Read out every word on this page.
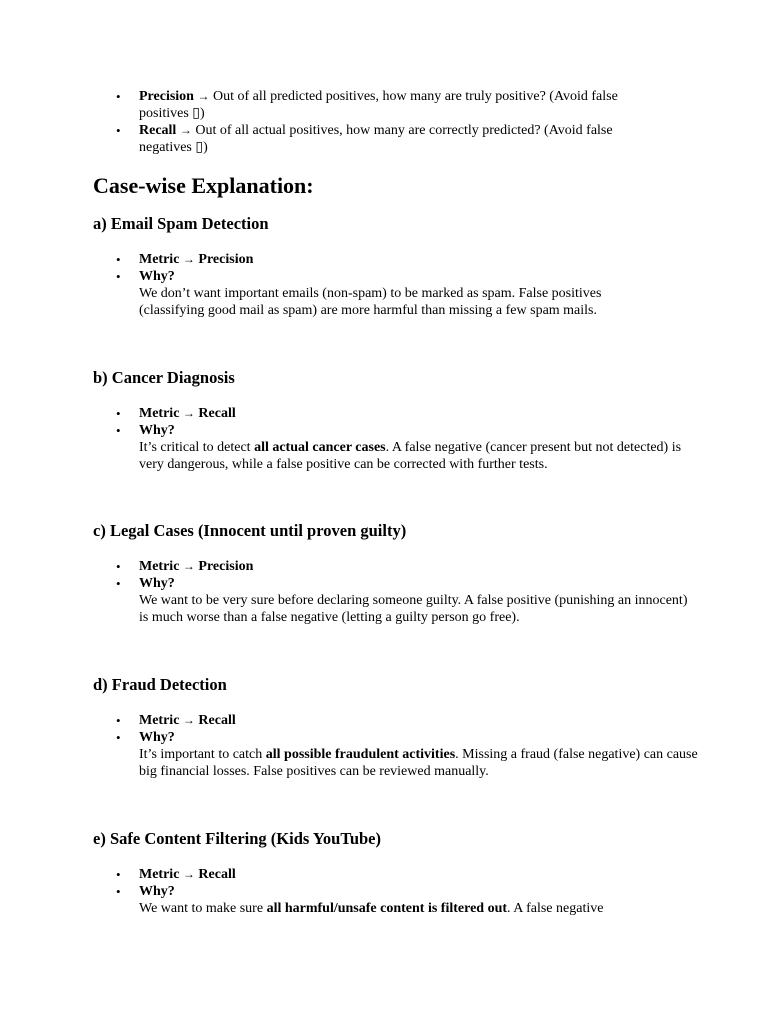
• Precision → Out of all predicted positives, how many are truly positive? (Avoid false
positives ▯)
• Recall → Out of all actual positives, how many are correctly predicted? (Avoid false
negatives ▯)
Case-wise Explanation:
a) Email Spam Detection
• Metric → Precision
• Why?
We don’t want important emails (non-spam) to be marked as spam. False positives
(classifying good mail as spam) are more harmful than missing a few spam mails.
b) Cancer Diagnosis
• Metric → Recall
• Why?
It’s critical to detect all actual cancer cases. A false negative (cancer present but not detected) is very dangerous, while a false positive can be corrected with further tests.
c) Legal Cases (Innocent until proven guilty)
• Metric → Precision
• Why?
We want to be very sure before declaring someone guilty. A false positive (punishing an innocent) is much worse than a false negative (letting a guilty person go free).
d) Fraud Detection
• Metric → Recall
• Why?
It’s important to catch all possible fraudulent activities. Missing a fraud (false negative) can cause big financial losses. False positives can be reviewed manually.
e) Safe Content Filtering (Kids YouTube)
• Metric → Recall
• Why?
We want to make sure all harmful/unsafe content is filtered out. A false negative
